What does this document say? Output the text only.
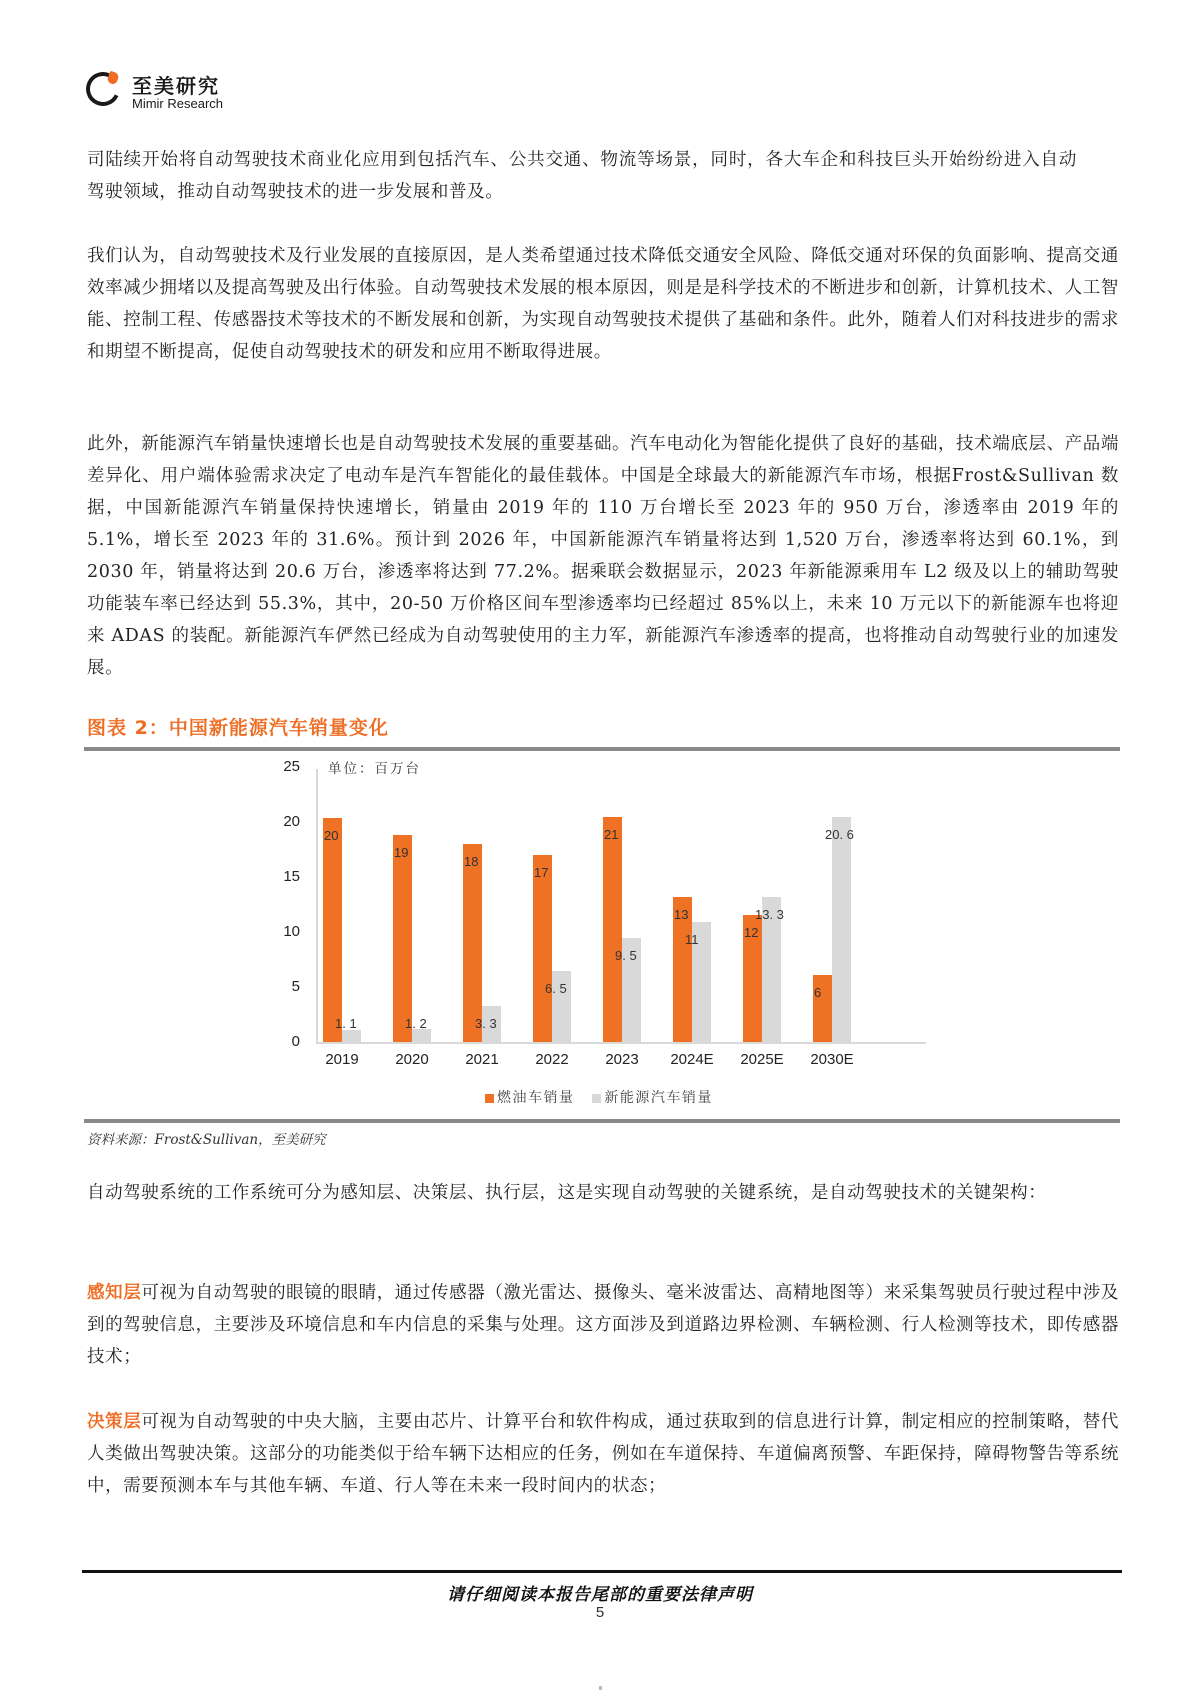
至美研究
Mimir Research

司陆续开始将自动驾驶技术商业化应用到包括汽车、公共交通、物流等场景，同时，各大车企和科技巨头开始纷纷进入自动驾驶领域，推动自动驾驶技术的进一步发展和普及。

我们认为，自动驾驶技术及行业发展的直接原因，是人类希望通过技术降低交通安全风险、降低交通对环保的负面影响、提高交通效率减少拥堵以及提高驾驶及出行体验。自动驾驶技术发展的根本原因，则是是科学技术的不断进步和创新，计算机技术、人工智能、控制工程、传感器技术等技术的不断发展和创新，为实现自动驾驶技术提供了基础和条件。此外，随着人们对科技进步的需求和期望不断提高，促使自动驾驶技术的研发和应用不断取得进展。

此外，新能源汽车销量快速增长也是自动驾驶技术发展的重要基础。汽车电动化为智能化提供了良好的基础，技术端底层、产品端差异化、用户端体验需求决定了电动车是汽车智能化的最佳载体。中国是全球最大的新能源汽车市场，根据Frost&Sullivan 数据，中国新能源汽车销量保持快速增长，销量由 2019 年的 110 万台增长至 2023 年的 950 万台，渗透率由 2019 年的 5.1%，增长至 2023 年的 31.6%。预计到 2026 年，中国新能源汽车销量将达到 1,520 万台，渗透率将达到 60.1%，到 2030 年，销量将达到 20.6 万台，渗透率将达到 77.2%。据乘联会数据显示，2023 年新能源乘用车 L2 级及以上的辅助驾驶功能装车率已经达到 55.3%，其中，20-50 万价格区间车型渗透率均已经超过 85%以上，未来 10 万元以下的新能源车也将迎来 ADAS 的装配。新能源汽车俨然已经成为自动驾驶使用的主力军，新能源汽车渗透率的提高，也将推动自动驾驶行业的加速发展。

图表 2：中国新能源汽车销量变化
25
20
15
10
5
0
单位：百万台
燃油车销量 新能源汽车销量
20
1. 1
2019
19
1. 2
2020
18
3. 3
2021
17
6. 5
2022
21
9. 5
2023
13
11
2024E
12
13. 3
2025E
6
20. 6
2030E
资料来源：Frost&Sullivan，至美研究

自动驾驶系统的工作系统可分为感知层、决策层、执行层，这是实现自动驾驶的关键系统，是自动驾驶技术的关键架构：

感知层可视为自动驾驶的眼镜的眼睛，通过传感器（激光雷达、摄像头、毫米波雷达、高精地图等）来采集驾驶员行驶过程中涉及到的驾驶信息，主要涉及环境信息和车内信息的采集与处理。这方面涉及到道路边界检测、车辆检测、行人检测等技术，即传感器技术；

决策层可视为自动驾驶的中央大脑，主要由芯片、计算平台和软件构成，通过获取到的信息进行计算，制定相应的控制策略，替代人类做出驾驶决策。这部分的功能类似于给车辆下达相应的任务，例如在车道保持、车道偏离预警、车距保持，障碍物警告等系统中，需要预测本车与其他车辆、车道、行人等在未来一段时间内的状态；

请仔细阅读本报告尾部的重要法律声明
5
